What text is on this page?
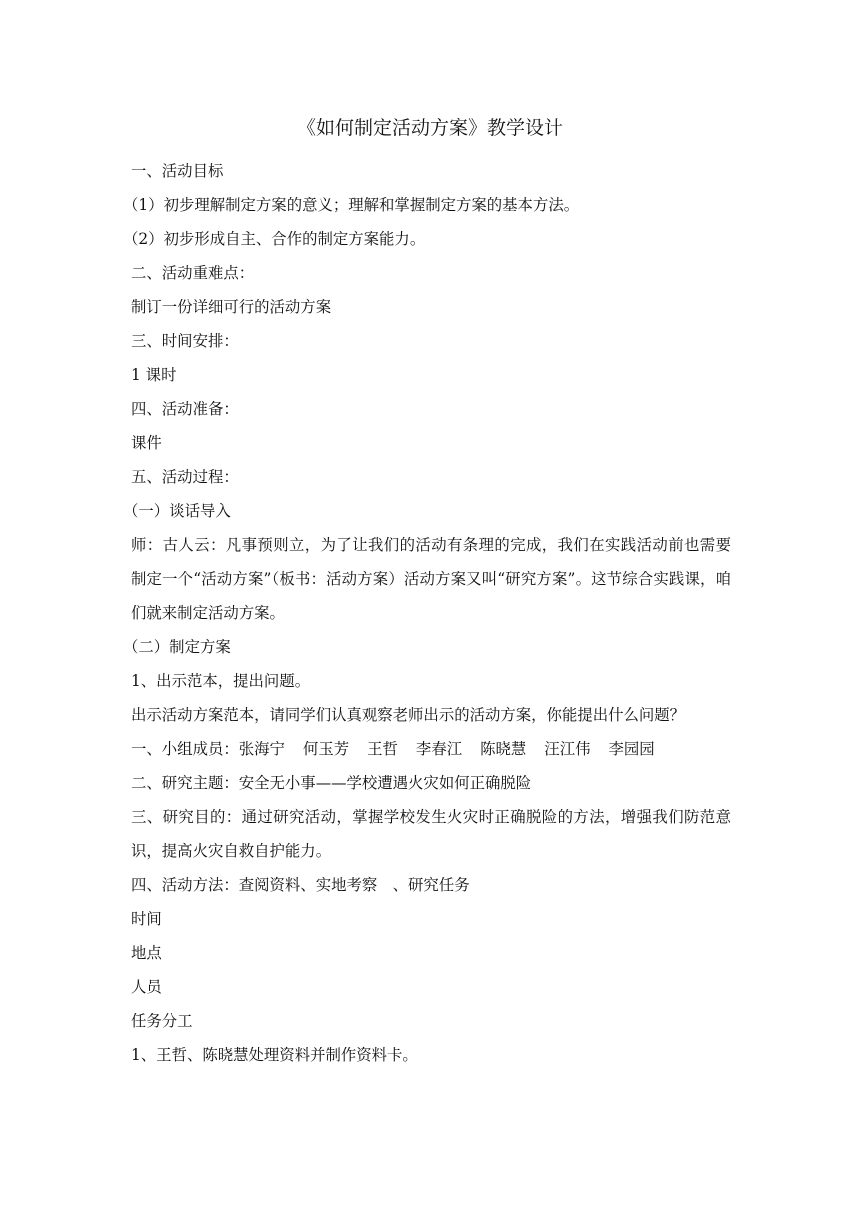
《如何制定活动方案》教学设计

一、活动目标

（1）初步理解制定方案的意义；理解和掌握制定方案的基本方法。

（2）初步形成自主、合作的制定方案能力。

二、活动重难点：

制订一份详细可行的活动方案

三、时间安排：

1 课时

四、活动准备：

课件

五、活动过程：

（一）谈话导入

师：古人云：凡事预则立，为了让我们的活动有条理的完成，我们在实践活动前也需要制定一个“活动方案”（板书：活动方案）活动方案又叫“研究方案”。这节综合实践课，咱们就来制定活动方案。

（二）制定方案

1、出示范本，提出问题。

出示活动方案范本，请同学们认真观察老师出示的活动方案，你能提出什么问题？

一、小组成员：张海宁 何玉芳 王哲 李春江 陈晓慧 汪江伟 李园园

二、研究主题：安全无小事——学校遭遇火灾如何正确脱险

三、研究目的：通过研究活动，掌握学校发生火灾时正确脱险的方法，增强我们防范意识，提高火灾自救自护能力。

四、活动方法：查阅资料、实地考察　、研究任务

时间

地点

人员

任务分工

1、王哲、陈晓慧处理资料并制作资料卡。
